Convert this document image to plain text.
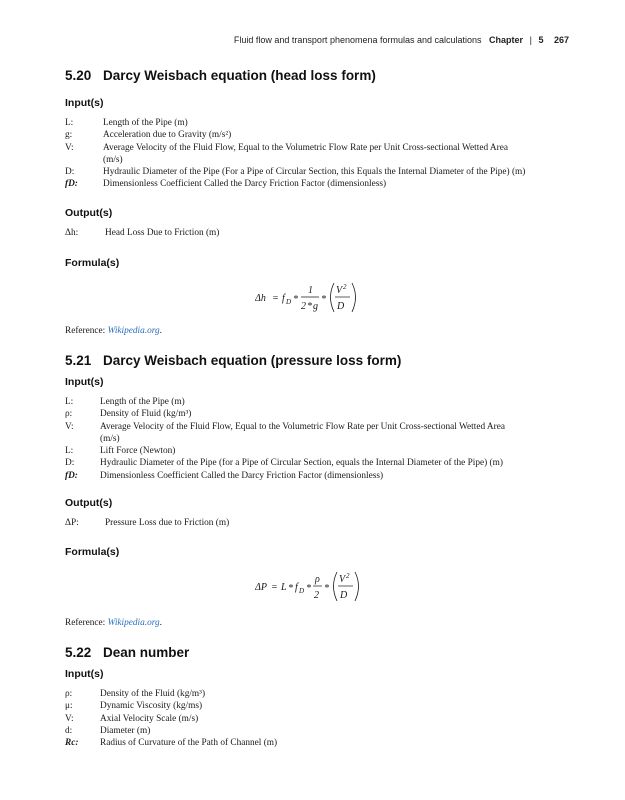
Fluid flow and transport phenomena formulas and calculations Chapter | 5 267
5.20 Darcy Weisbach equation (head loss form)
Input(s)
L:	Length of the Pipe (m)
g:	Acceleration due to Gravity (m/s²)
V:	Average Velocity of the Fluid Flow, Equal to the Volumetric Flow Rate per Unit Cross-sectional Wetted Area (m/s)
D:	Hydraulic Diameter of the Pipe (For a Pipe of Circular Section, this Equals the Internal Diameter of the Pipe) (m)
fD:	Dimensionless Coefficient Called the Darcy Friction Factor (dimensionless)
Output(s)
Δh:	Head Loss Due to Friction (m)
Formula(s)
Δh = f D *
1
2 * g
*
V 2
D
Reference: Wikipedia.org.
5.21 Darcy Weisbach equation (pressure loss form)
Input(s)
L:	Length of the Pipe (m)
ρ:	Density of Fluid (kg/m³)
V:	Average Velocity of the Fluid Flow, Equal to the Volumetric Flow Rate per Unit Cross-sectional Wetted Area (m/s)
L:	Lift Force (Newton)
D:	Hydraulic Diameter of the Pipe (for a Pipe of Circular Section, equals the Internal Diameter of the Pipe) (m)
fD:	Dimensionless Coefficient Called the Darcy Friction Factor (dimensionless)
Output(s)
ΔP:	Pressure Loss due to Friction (m)
Formula(s)
ΔP = L * f D *
ρ
2
*
V 2
D
Reference: Wikipedia.org.
5.22 Dean number
Input(s)
ρ:	Density of the Fluid (kg/m³)
μ:	Dynamic Viscosity (kg/ms)
V:	Axial Velocity Scale (m/s)
d:	Diameter (m)
Rc:	Radius of Curvature of the Path of Channel (m)
